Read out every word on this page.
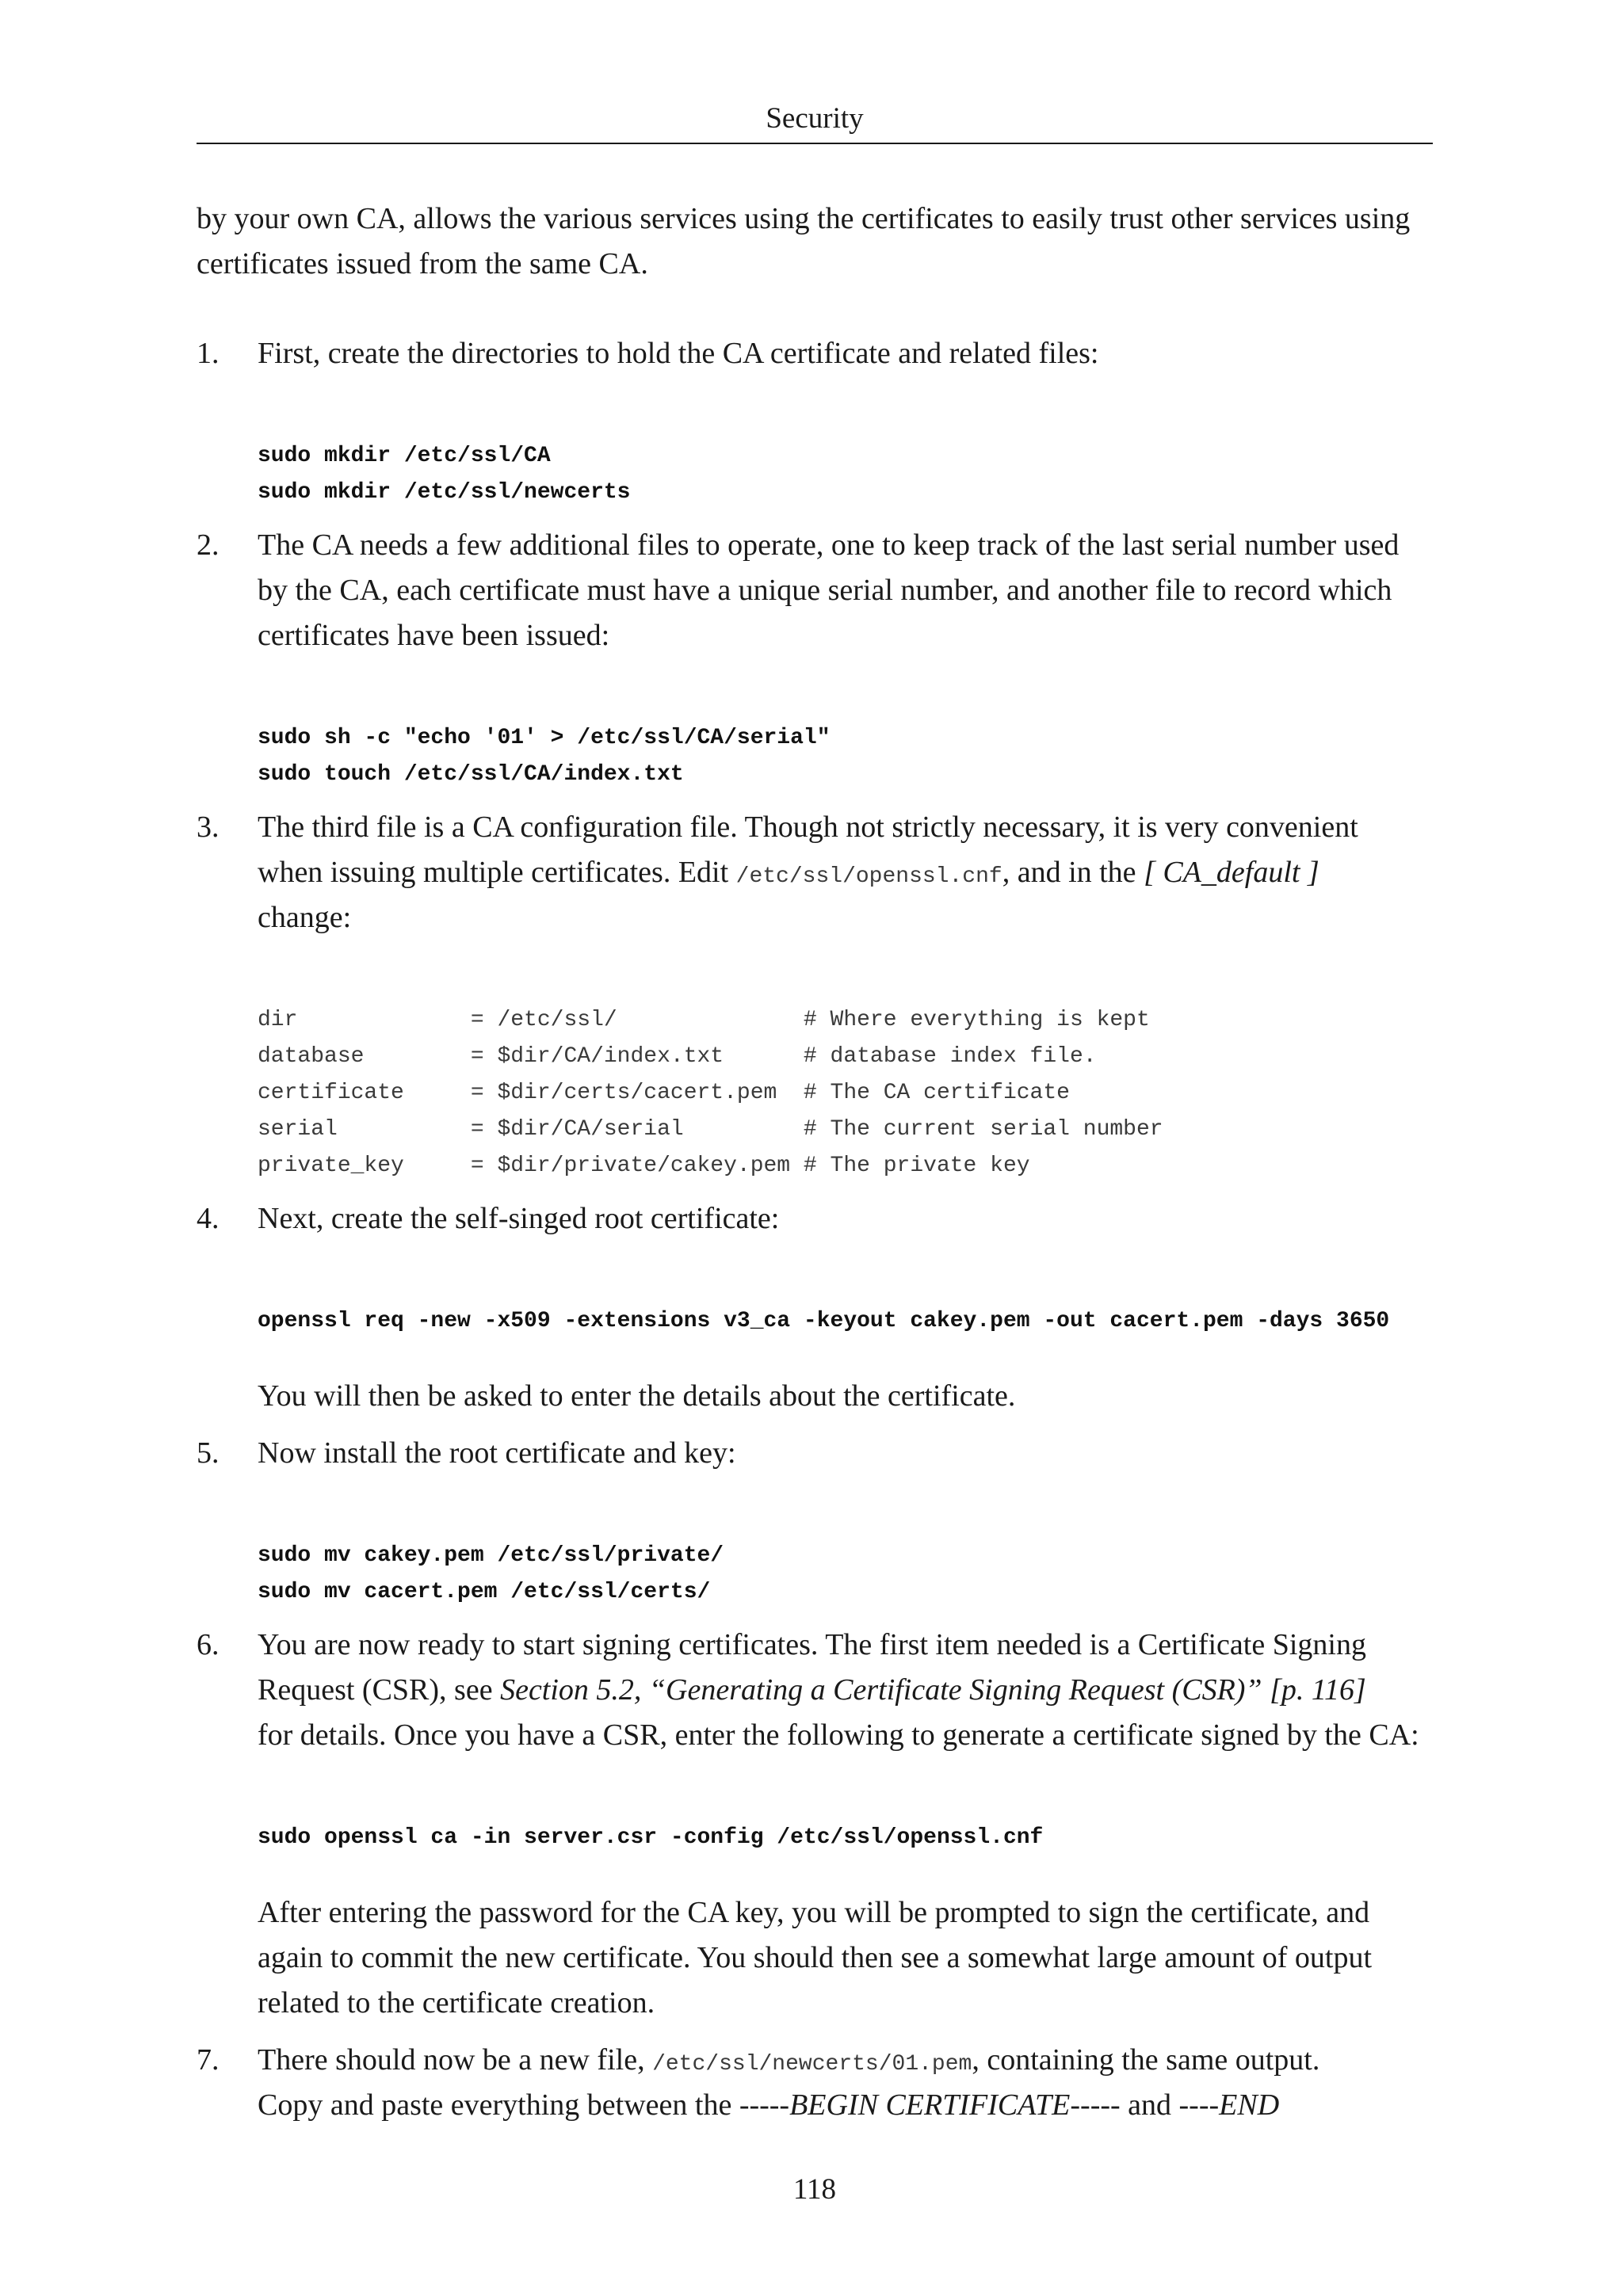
Security
by your own CA, allows the various services using the certificates to easily trust other services using
certificates issued from the same CA.
1. First, create the directories to hold the CA certificate and related files:
sudo mkdir /etc/ssl/CA
sudo mkdir /etc/ssl/newcerts
2. The CA needs a few additional files to operate, one to keep track of the last serial number used
by the CA, each certificate must have a unique serial number, and another file to record which
certificates have been issued:
sudo sh -c "echo '01' > /etc/ssl/CA/serial"
sudo touch /etc/ssl/CA/index.txt
3. The third file is a CA configuration file. Though not strictly necessary, it is very convenient
when issuing multiple certificates. Edit /etc/ssl/openssl.cnf, and in the [ CA_default ]
change:
dir             = /etc/ssl/              # Where everything is kept
database        = $dir/CA/index.txt      # database index file.
certificate     = $dir/certs/cacert.pem  # The CA certificate
serial          = $dir/CA/serial         # The current serial number
private_key     = $dir/private/cakey.pem # The private key
4. Next, create the self-singed root certificate:
openssl req -new -x509 -extensions v3_ca -keyout cakey.pem -out cacert.pem -days 3650
You will then be asked to enter the details about the certificate.
5. Now install the root certificate and key:
sudo mv cakey.pem /etc/ssl/private/
sudo mv cacert.pem /etc/ssl/certs/
6. You are now ready to start signing certificates. The first item needed is a Certificate Signing
Request (CSR), see Section 5.2, “Generating a Certificate Signing Request (CSR)” [p. 116]
for details. Once you have a CSR, enter the following to generate a certificate signed by the CA:
sudo openssl ca -in server.csr -config /etc/ssl/openssl.cnf
After entering the password for the CA key, you will be prompted to sign the certificate, and
again to commit the new certificate. You should then see a somewhat large amount of output
related to the certificate creation.
7. There should now be a new file, /etc/ssl/newcerts/01.pem, containing the same output.
Copy and paste everything between the -----BEGIN CERTIFICATE----- and ----END
118
